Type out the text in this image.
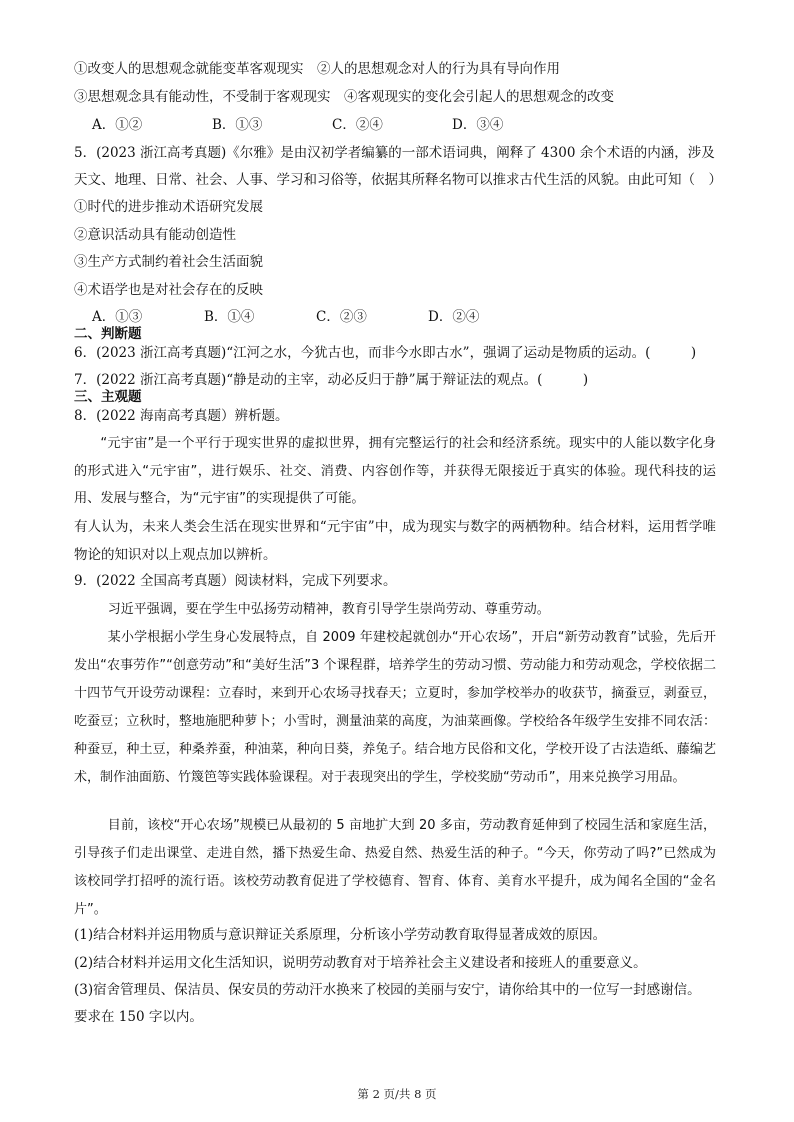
①改变人的思想观念就能变革客观现实　②人的思想观念对人的行为具有导向作用
③思想观念具有能动性，不受制于客观现实　④客观现实的变化会引起人的思想观念的改变
A．①②	B．①③	C．②④	D．③④
5．(2023 浙江高考真题)《尔雅》是由汉初学者编纂的一部术语词典，阐释了 4300 余个术语的内涵，涉及
天文、地理、日常、社会、人事、学习和习俗等，依据其所释名物可以推求古代生活的风貌。由此可知（　）
①时代的进步推动术语研究发展
②意识活动具有能动创造性
③生产方式制约着社会生活面貌
④术语学也是对社会存在的反映
A．①③	B．①④	C．②③	D．②④
二、判断题
6．(2023 浙江高考真题)“江河之水，今犹古也，而非今水即古水”，强调了运动是物质的运动。(　　　)
7．(2022 浙江高考真题)“静是动的主宰，动必反归于静”属于辩证法的观点。(　　　)
三、主观题
8．(2022 海南高考真题）辨析题。
“元宇宙”是一个平行于现实世界的虚拟世界，拥有完整运行的社会和经济系统。现实中的人能以数字化身的形式进入“元宇宙”，进行娱乐、社交、消费、内容创作等，并获得无限接近于真实的体验。现代科技的运用、发展与整合，为“元宇宙”的实现提供了可能。
有人认为，未来人类会生活在现实世界和“元宇宙”中，成为现实与数字的两栖物种。结合材料，运用哲学唯物论的知识对以上观点加以辨析。
9．(2022 全国高考真题）阅读材料，完成下列要求。
习近平强调，要在学生中弘扬劳动精神，教育引导学生崇尚劳动、尊重劳动。
某小学根据小学生身心发展特点，自 2009 年建校起就创办“开心农场”，开启“新劳动教育”试验，先后开发出“农事劳作”“创意劳动”和“美好生活”3 个课程群，培养学生的劳动习惯、劳动能力和劳动观念，学校依据二十四节气开设劳动课程：立春时，来到开心农场寻找春天；立夏时，参加学校举办的收获节，摘蚕豆，剥蚕豆，吃蚕豆；立秋时，整地施肥种萝卜；小雪时，测量油菜的高度，为油菜画像。学校给各年级学生安排不同农活：种蚕豆，种土豆，种桑养蚕，种油菜，种向日葵，养兔子。结合地方民俗和文化，学校开设了古法造纸、藤编艺术，制作油面筋、竹篾笆等实践体验课程。对于表现突出的学生，学校奖励“劳动币”，用来兑换学习用品。
目前，该校“开心农场”规模已从最初的 5 亩地扩大到 20 多亩，劳动教育延伸到了校园生活和家庭生活，引导孩子们走出课堂、走进自然，播下热爱生命、热爱自然、热爱生活的种子。“今天，你劳动了吗?”已然成为该校同学打招呼的流行语。该校劳动教育促进了学校德育、智育、体育、美育水平提升，成为闻名全国的“金名片”。
(1)结合材料并运用物质与意识辩证关系原理，分析该小学劳动教育取得显著成效的原因。
(2)结合材料并运用文化生活知识，说明劳动教育对于培养社会主义建设者和接班人的重要意义。
(3)宿舍管理员、保洁员、保安员的劳动汗水换来了校园的美丽与安宁，请你给其中的一位写一封感谢信。
要求在 150 字以内。
第 2 页/共 8 页
